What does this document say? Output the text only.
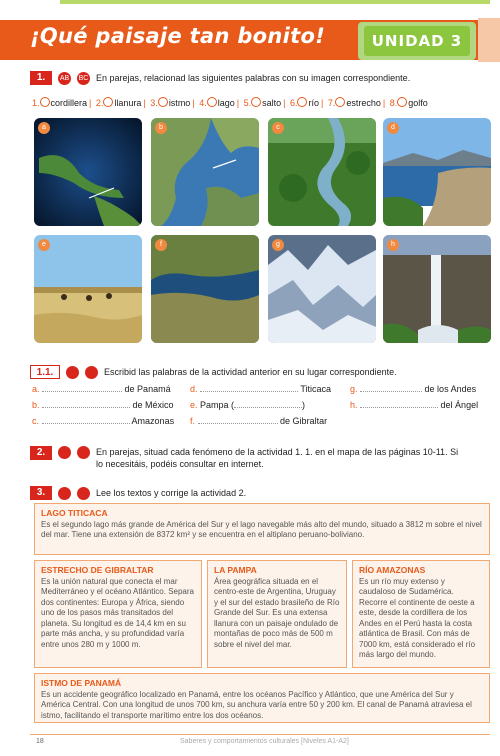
¡Qué paisaje tan bonito!	UNIDAD 3
1.	AB BC En parejas, relacionad las siguientes palabras con su imagen correspondiente.
1. cordillera | 2. llanura | 3. istmo | 4. lago | 5. salto | 6. río | 7. estrecho | 8. golfo
a	b	c	d
e	f	g	h
1.1.	Escribid las palabras de la actividad anterior en su lugar correspondiente.
a.	de Panamá
b.	de México
c.	Amazonas
d.	Titicaca
e. Pampa (	)
f.	de Gibraltar
g.	de los Andes
h.	del Ángel
2.	En parejas, situad cada fenómeno de la actividad 1. 1. en el mapa de las páginas 10-11. Si lo necesitáis, podéis consultar en internet.
3.	Lee los textos y corrige la actividad 2.
LAGO TITICACA
Es el segundo lago más grande de América del Sur y el lago navegable más alto del mundo, situado a 3812 m sobre el nivel del mar. Tiene una extensión de 8372 km² y se encuentra en el altiplano peruano-boliviano.
ESTRECHO DE GIBRALTAR
Es la unión natural que conecta el mar Mediterráneo y el océano Atlántico. Separa dos continentes: Europa y África, siendo uno de los pasos más transitados del planeta. Su longitud es de 14,4 km en su parte más ancha, y su profundidad varía entre unos 280 m y 1000 m.
LA PAMPA
Área geográfica situada en el centro-este de Argentina, Uruguay y el sur del estado brasileño de Río Grande del Sur. Es una extensa llanura con un paisaje ondulado de montañas de poco más de 500 m sobre el nivel del mar.
RÍO AMAZONAS
Es un río muy extenso y caudaloso de Sudamérica. Recorre el continente de oeste a este, desde la cordillera de los Andes en el Perú hasta la costa atlántica de Brasil. Con más de 7000 km, está considerado el río más largo del mundo.
ISTMO DE PANAMÁ
Es un accidente geográfico localizado en Panamá, entre los océanos Pacífico y Atlántico, que une América del Sur y América Central. Con una longitud de unos 700 km, su anchura varía entre 50 y 200 km. El canal de Panamá atraviesa el istmo, facilitando el transporte marítimo entre los dos océanos.
18	Saberes y comportamientos culturales [Niveles A1-A2]
